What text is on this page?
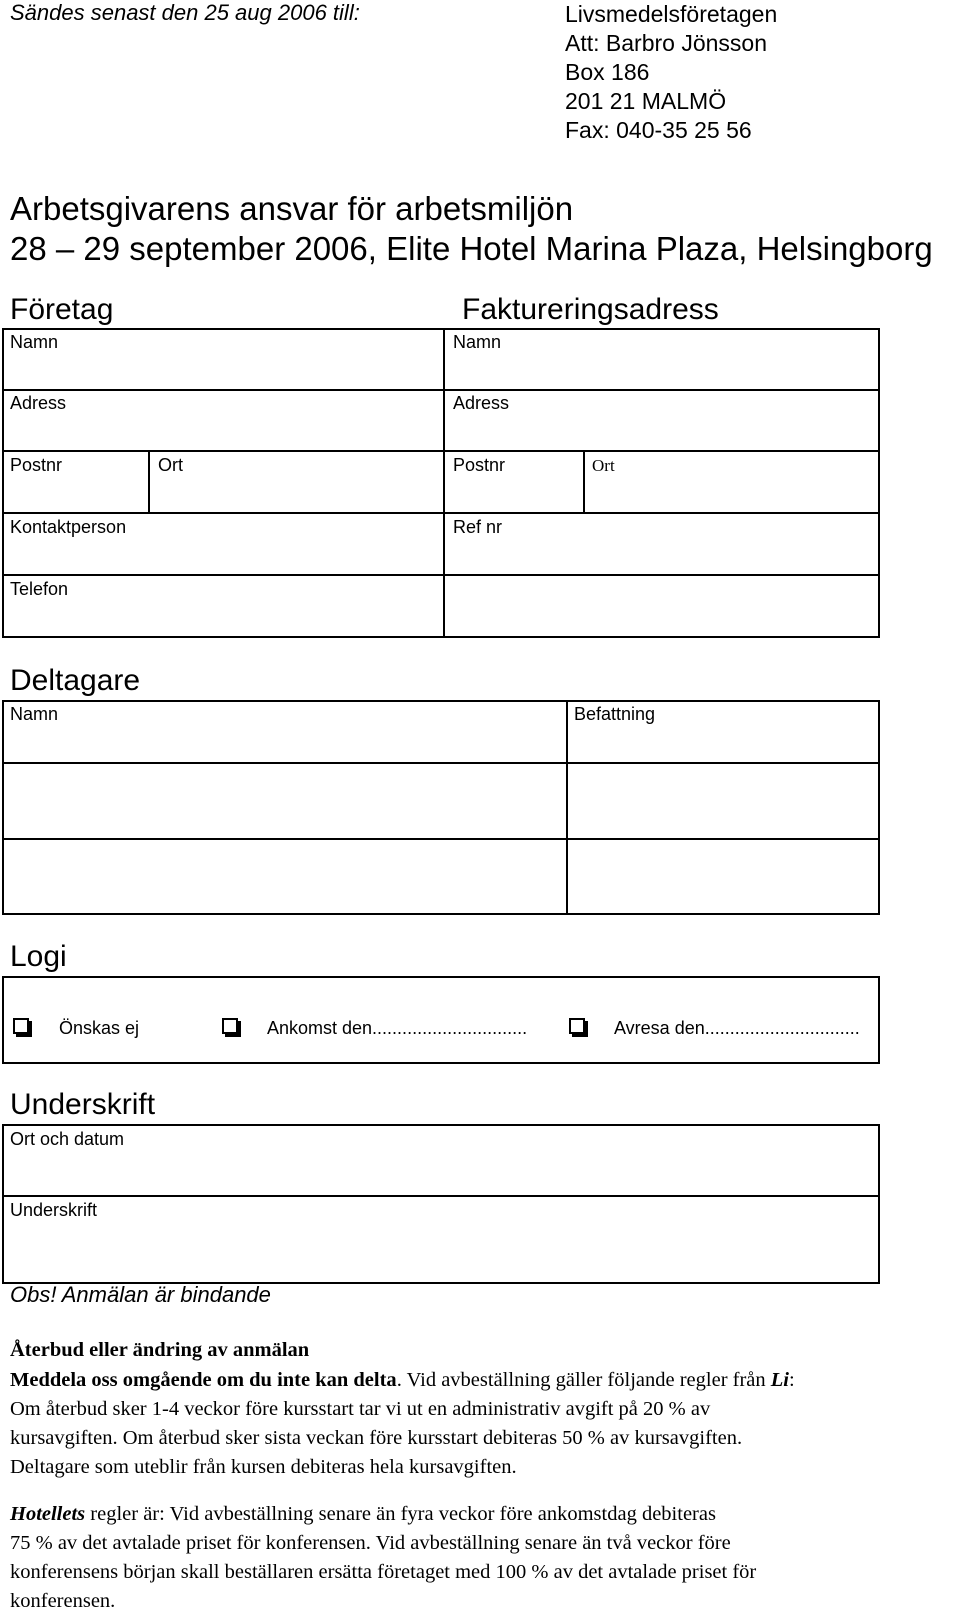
Sändes senast den 25 aug 2006 till:	Livsmedelsföretagen
Att: Barbro Jönsson
Box 186
201 21 MALMÖ
Fax: 040-35 25 56
Arbetsgivarens ansvar för arbetsmiljön
28 – 29 september 2006, Elite Hotel Marina Plaza, Helsingborg
Företag	Faktureringsadress
Namn	Namn
Adress	Adress
Postnr	Ort	Postnr	Ort
Kontaktperson	Ref nr
Telefon
Deltagare
Namn	Befattning
Logi
Önskas ej	Ankomst den...............................	Avresa den...............................
Underskrift
Ort och datum
Underskrift
Obs! Anmälan är bindande
Återbud eller ändring av anmälan
Meddela oss omgående om du inte kan delta. Vid avbeställning gäller följande regler från Li:
Om återbud sker 1-4 veckor före kursstart tar vi ut en administrativ avgift på 20 % av
kursavgiften. Om återbud sker sista veckan före kursstart debiteras 50 % av kursavgiften.
Deltagare som uteblir från kursen debiteras hela kursavgiften.
Hotellets regler är: Vid avbeställning senare än fyra veckor före ankomstdag debiteras
75 % av det avtalade priset för konferensen. Vid avbeställning senare än två veckor före
konferensens början skall beställaren ersätta företaget med 100 % av det avtalade priset för
konferensen.
